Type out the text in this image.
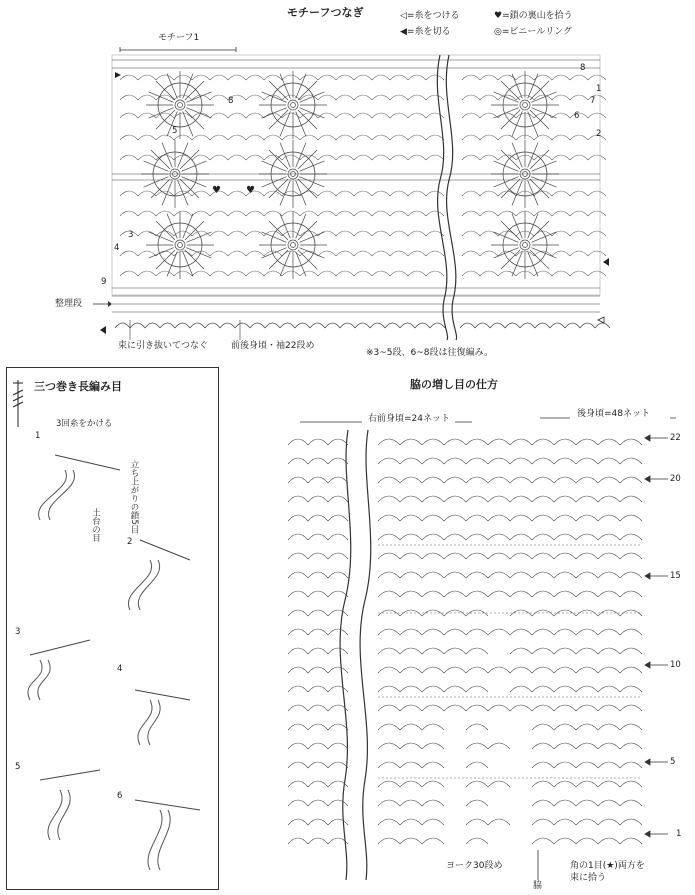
モチーフつなぎ	◁=糸をつける
◀=糸を切る
♥=鎖の裏山を拾う
◎=ビニールリング
モチーフ1
♥	♥
8
7
6
5
3
4
9
8
1
2
整理段
束に引き抜いてつなぐ	前後身頃・袖22段め
※3~5段、6~8段は往復編み。
三つ巻き長編み目
1
2
3
4
5
6
3回糸をかける
立ち上がりの鎖5目
土台の目
脇の増し目の仕方
右前身頃=24ネット	後身頃=48ネット
22
20
15
10
5
1
ヨーク30段め	角の1目(★)両方を
束に拾う
脇
